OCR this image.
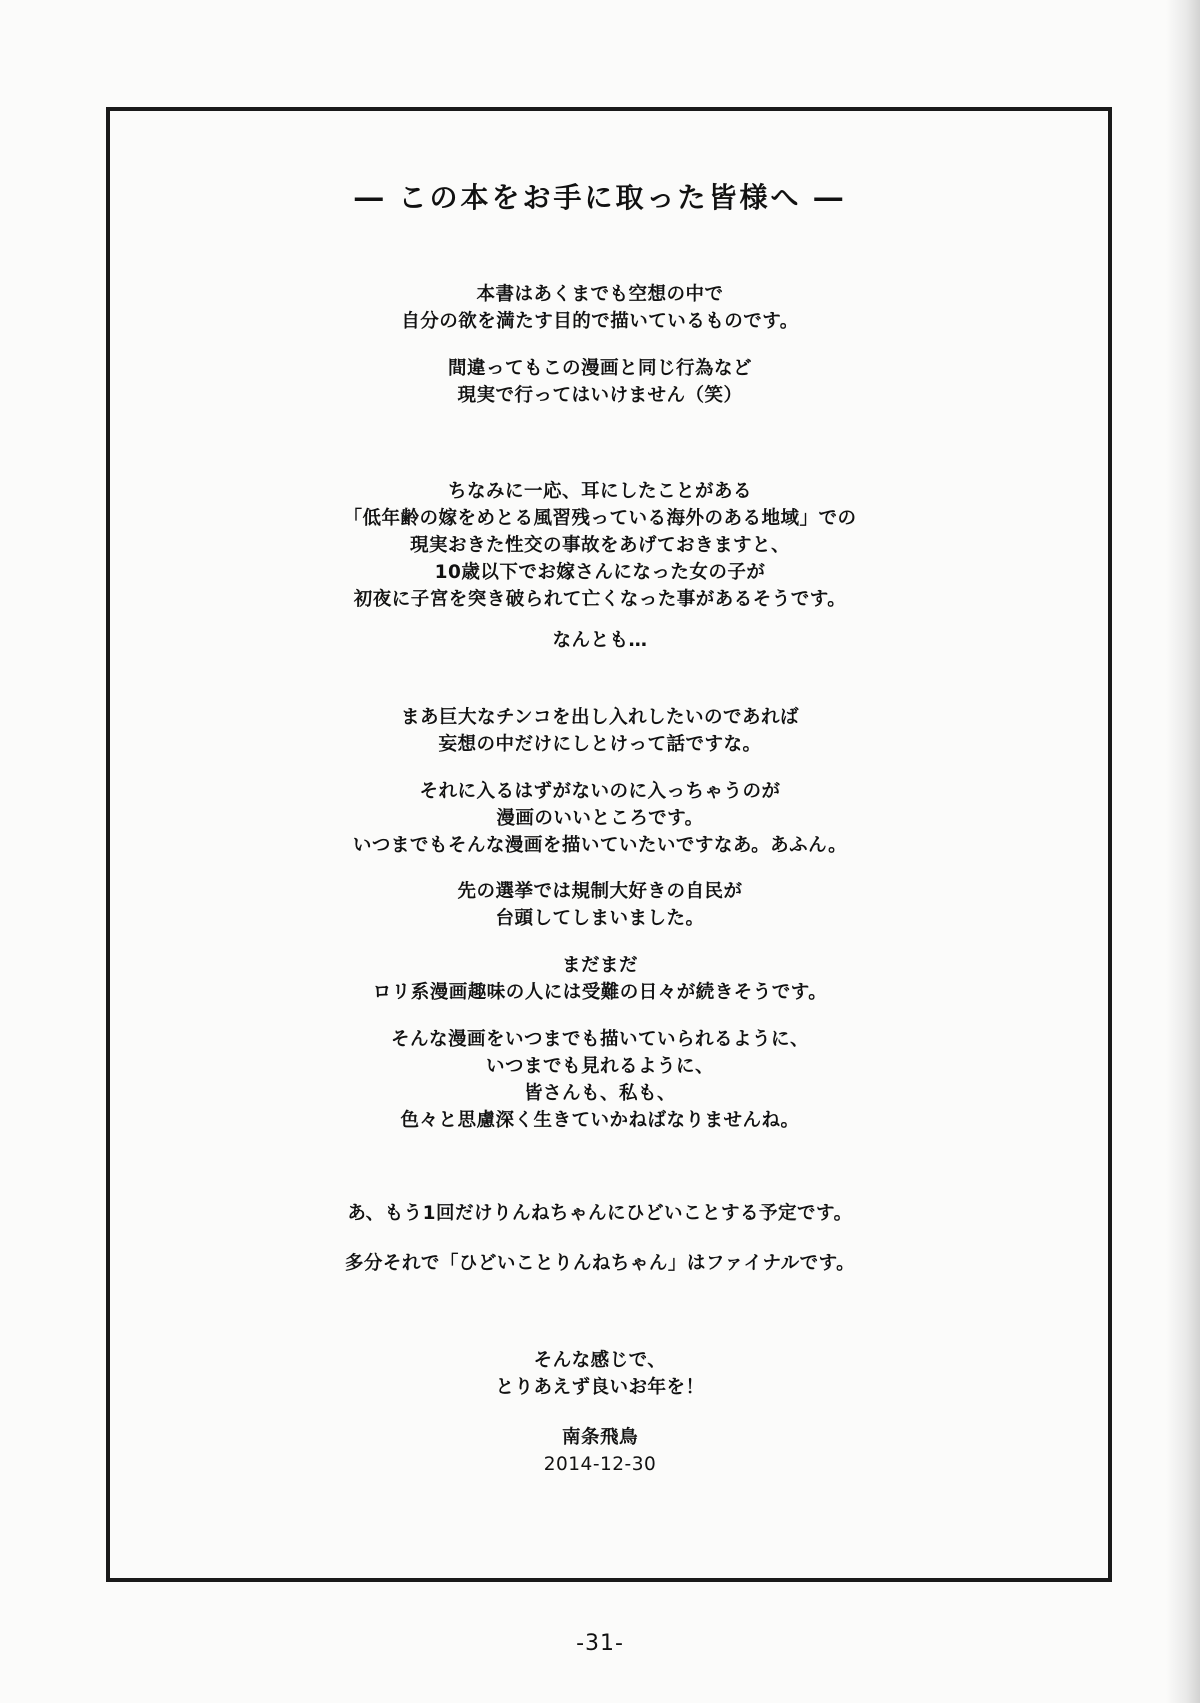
― この本をお手に取った皆様へ ―
本書はあくまでも空想の中で
自分の欲を満たす目的で描いているものです。
間違ってもこの漫画と同じ行為など
現実で行ってはいけません（笑）
ちなみに一応、耳にしたことがある
「低年齢の嫁をめとる風習残っている海外のある地域」での
現実おきた性交の事故をあげておきますと、
10歳以下でお嫁さんになった女の子が
初夜に子宮を突き破られて亡くなった事があるそうです。
なんとも…
まあ巨大なチンコを出し入れしたいのであれば
妄想の中だけにしとけって話ですな。
それに入るはずがないのに入っちゃうのが
漫画のいいところです。
いつまでもそんな漫画を描いていたいですなあ。あふん。
先の選挙では規制大好きの自民が
台頭してしまいました。
まだまだ
ロリ系漫画趣味の人には受難の日々が続きそうです。
そんな漫画をいつまでも描いていられるように、
いつまでも見れるように、
皆さんも、私も、
色々と思慮深く生きていかねばなりませんね。
あ、もう1回だけりんねちゃんにひどいことする予定です。
多分それで「ひどいことりんねちゃん」はファイナルです。
そんな感じで、
とりあえず良いお年を！
南条飛鳥
2014-12-30

-31-
